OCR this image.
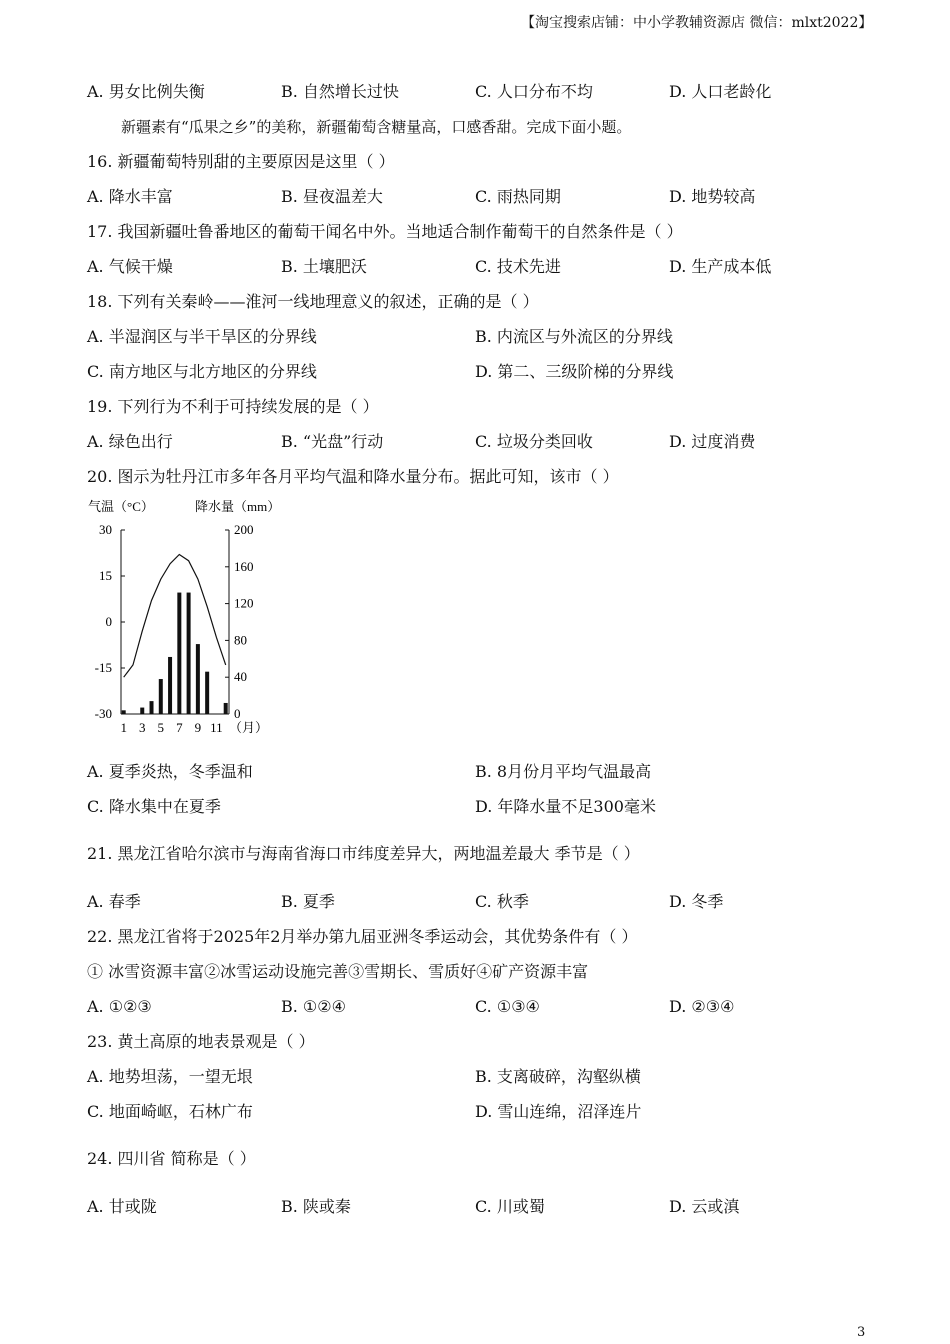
【淘宝搜索店铺：中小学教辅资源店 微信：mlxt2022】
A. 男女比例失衡	B. 自然增长过快	C. 人口分布不均	D. 人口老龄化
新疆素有“瓜果之乡”的美称，新疆葡萄含糖量高，口感香甜。完成下面小题。
16. 新疆葡萄特别甜的主要原因是这里（ ）
A. 降水丰富	B. 昼夜温差大	C. 雨热同期	D. 地势较高
17. 我国新疆吐鲁番地区的葡萄干闻名中外。当地适合制作葡萄干的自然条件是（ ）
A. 气候干燥	B. 土壤肥沃	C. 技术先进	D. 生产成本低
18. 下列有关秦岭——淮河一线地理意义的叙述，正确的是（ ）
A. 半湿润区与半干旱区的分界线	B. 内流区与外流区的分界线
C. 南方地区与北方地区的分界线	D. 第二、三级阶梯的分界线
19. 下列行为不利于可持续发展的是（ ）
A. 绿色出行	B. “光盘”行动	C. 垃圾分类回收	D. 过度消费
20. 图示为牡丹江市多年各月平均气温和降水量分布。据此可知，该市（ ）
气温（°C）	降水量（mm）
30
15
0
-15
-30
200
160
120
80
40
0
1 3 5 7 9 11 （月）
A. 夏季炎热，冬季温和	B. 8月份月平均气温最高
C. 降水集中在夏季	D. 年降水量不足300毫米
21. 黑龙江省哈尔滨市与海南省海口市纬度差异大，两地温差最大 季节是（ ）
A. 春季	B. 夏季	C. 秋季	D. 冬季
22. 黑龙江省将于2025年2月举办第九届亚洲冬季运动会，其优势条件有（ ）
① 冰雪资源丰富②冰雪运动设施完善③雪期长、雪质好④矿产资源丰富
A. ①②③	B. ①②④	C. ①③④	D. ②③④
23. 黄土高原的地表景观是（ ）
A. 地势坦荡，一望无垠	B. 支离破碎，沟壑纵横
C. 地面崎岖，石林广布	D. 雪山连绵，沼泽连片
24. 四川省 简称是（ ）
A. 甘或陇	B. 陕或秦	C. 川或蜀	D. 云或滇
3
